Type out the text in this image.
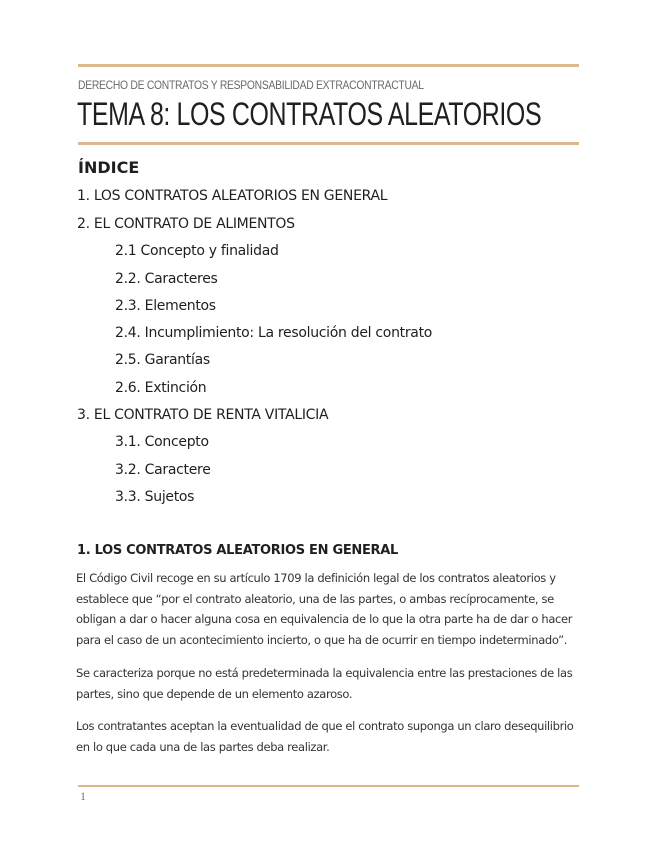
DERECHO DE CONTRATOS Y RESPONSABILIDAD EXTRACONTRACTUAL
TEMA 8: LOS CONTRATOS ALEATORIOS
ÍNDICE
1. LOS CONTRATOS ALEATORIOS EN GENERAL
2. EL CONTRATO DE ALIMENTOS
2.1 Concepto y finalidad
2.2. Caracteres
2.3. Elementos
2.4. Incumplimiento: La resolución del contrato
2.5. Garantías
2.6. Extinción
3. EL CONTRATO DE RENTA VITALICIA
3.1. Concepto
3.2. Caractere
3.3. Sujetos
1. LOS CONTRATOS ALEATORIOS EN GENERAL
El Código Civil recoge en su artículo 1709 la definición legal de los contratos aleatorios y establece que “por el contrato aleatorio, una de las partes, o ambas recíprocamente, se obligan a dar o hacer alguna cosa en equivalencia de lo que la otra parte ha de dar o hacer para el caso de un acontecimiento incierto, o que ha de ocurrir en tiempo indeterminado”.
Se caracteriza porque no está predeterminada la equivalencia entre las prestaciones de las partes, sino que depende de un elemento azaroso.
Los contratantes aceptan la eventualidad de que el contrato suponga un claro desequilibrio en lo que cada una de las partes deba realizar.
1
